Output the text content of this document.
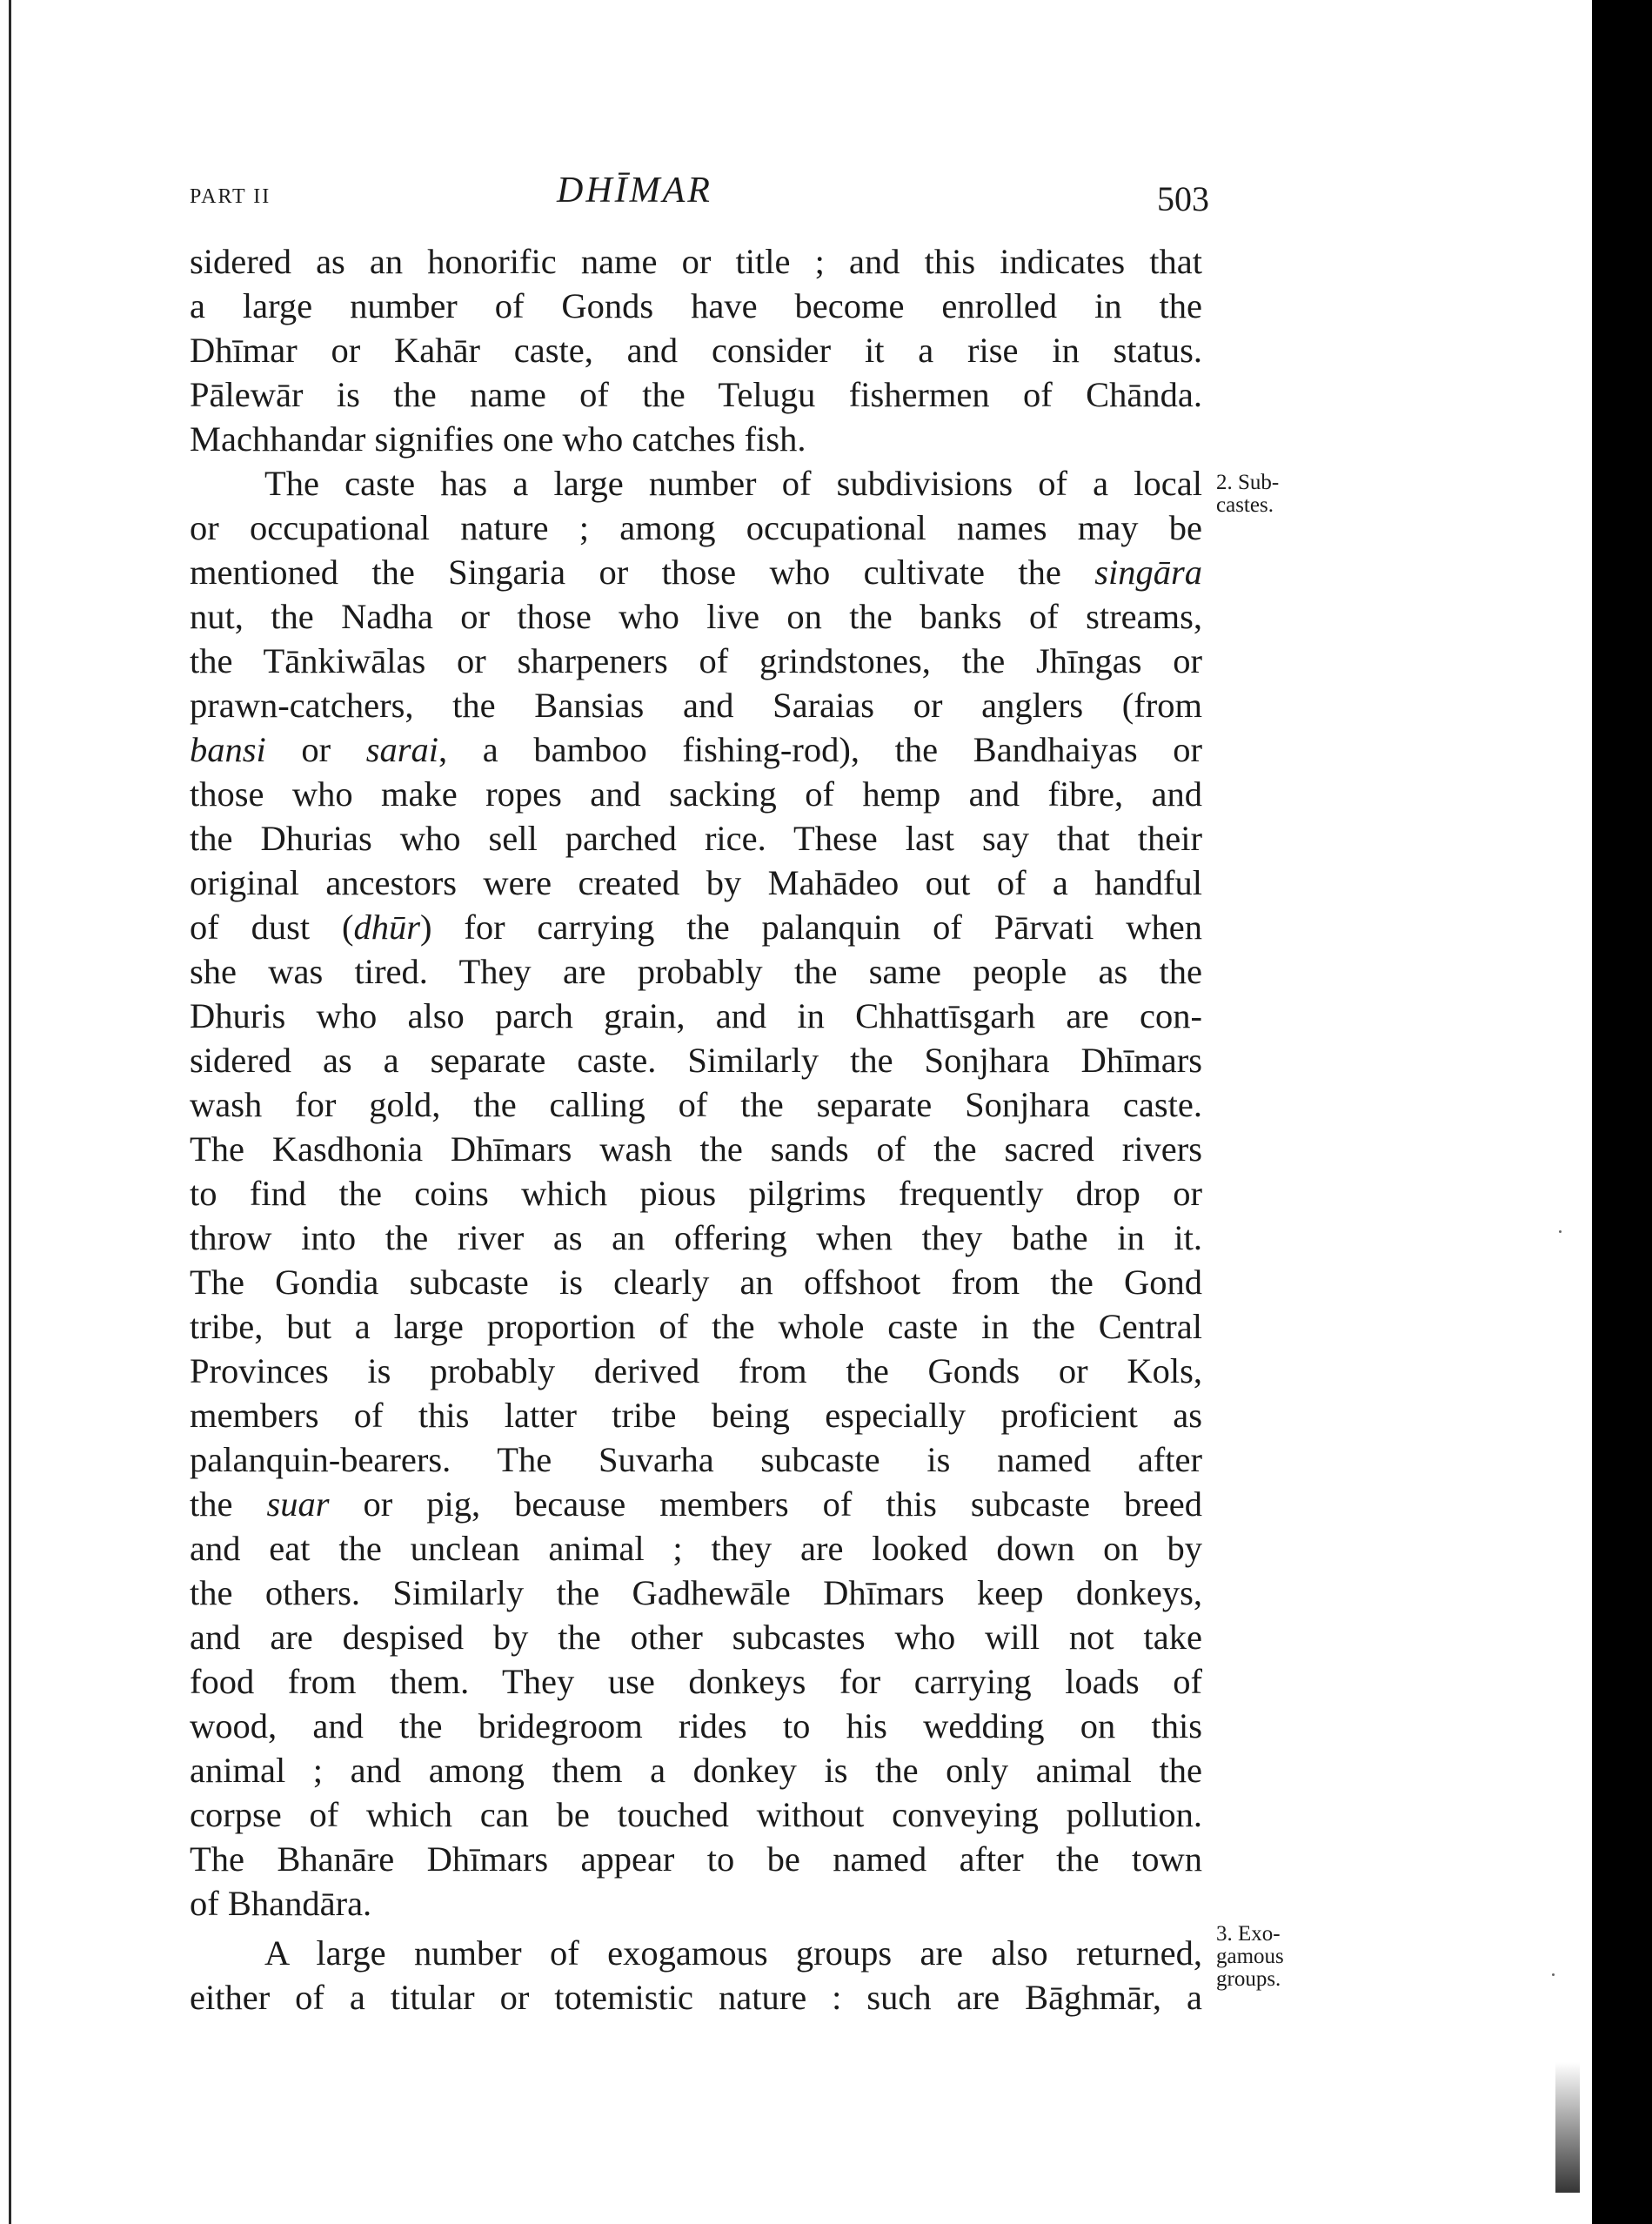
PART II	DHĪMAR	503
sidered as an honorific name or title ; and this indicates that
a large number of Gonds have become enrolled in the
Dhīmar or Kahār caste, and consider it a rise in status.
Pālewār is the name of the Telugu fishermen of Chānda.
Machhandar signifies one who catches fish.
The caste has a large number of subdivisions of a local
or occupational nature ; among occupational names may be
mentioned the Singaria or those who cultivate the singāra
nut, the Nadha or those who live on the banks of streams,
the Tānkiwālas or sharpeners of grindstones, the Jhīngas or
prawn-catchers, the Bansias and Saraias or anglers (from
bansi or sarai, a bamboo fishing-rod), the Bandhaiyas or
those who make ropes and sacking of hemp and fibre, and
the Dhurias who sell parched rice. These last say that their
original ancestors were created by Mahādeo out of a handful
of dust (dhūr) for carrying the palanquin of Pārvati when
she was tired. They are probably the same people as the
Dhuris who also parch grain, and in Chhattīsgarh are con-
sidered as a separate caste. Similarly the Sonjhara Dhīmars
wash for gold, the calling of the separate Sonjhara caste.
The Kasdhonia Dhīmars wash the sands of the sacred rivers
to find the coins which pious pilgrims frequently drop or
throw into the river as an offering when they bathe in it.
The Gondia subcaste is clearly an offshoot from the Gond
tribe, but a large proportion of the whole caste in the Central
Provinces is probably derived from the Gonds or Kols,
members of this latter tribe being especially proficient as
palanquin-bearers. The Suvarha subcaste is named after
the suar or pig, because members of this subcaste breed
and eat the unclean animal ; they are looked down on by
the others. Similarly the Gadhewāle Dhīmars keep donkeys,
and are despised by the other subcastes who will not take
food from them. They use donkeys for carrying loads of
wood, and the bridegroom rides to his wedding on this
animal ; and among them a donkey is the only animal the
corpse of which can be touched without conveying pollution.
The Bhanāre Dhīmars appear to be named after the town
of Bhandāra.
A large number of exogamous groups are also returned,
either of a titular or totemistic nature : such are Bāghmār, a
2. Sub-
castes.
3. Exo-
gamous
groups.
